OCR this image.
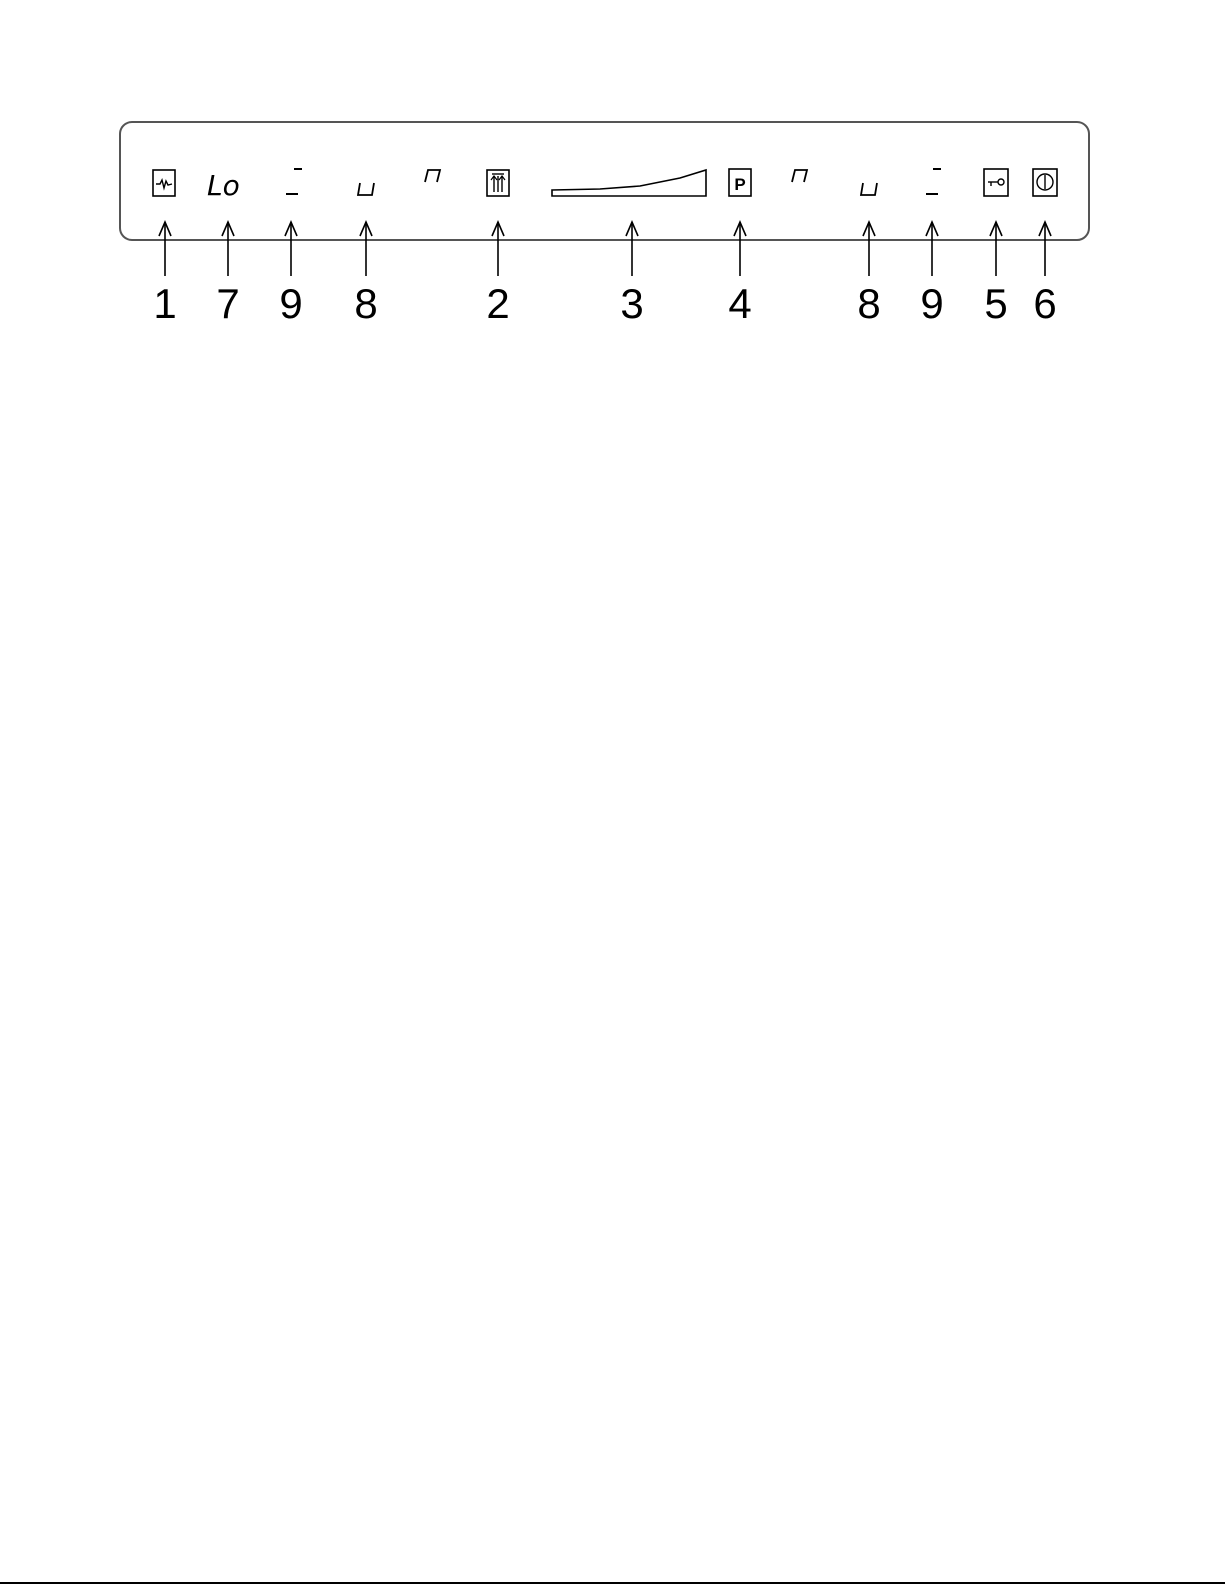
Lo	P
1 7 9 8	2	3 4	8 9 5 6
